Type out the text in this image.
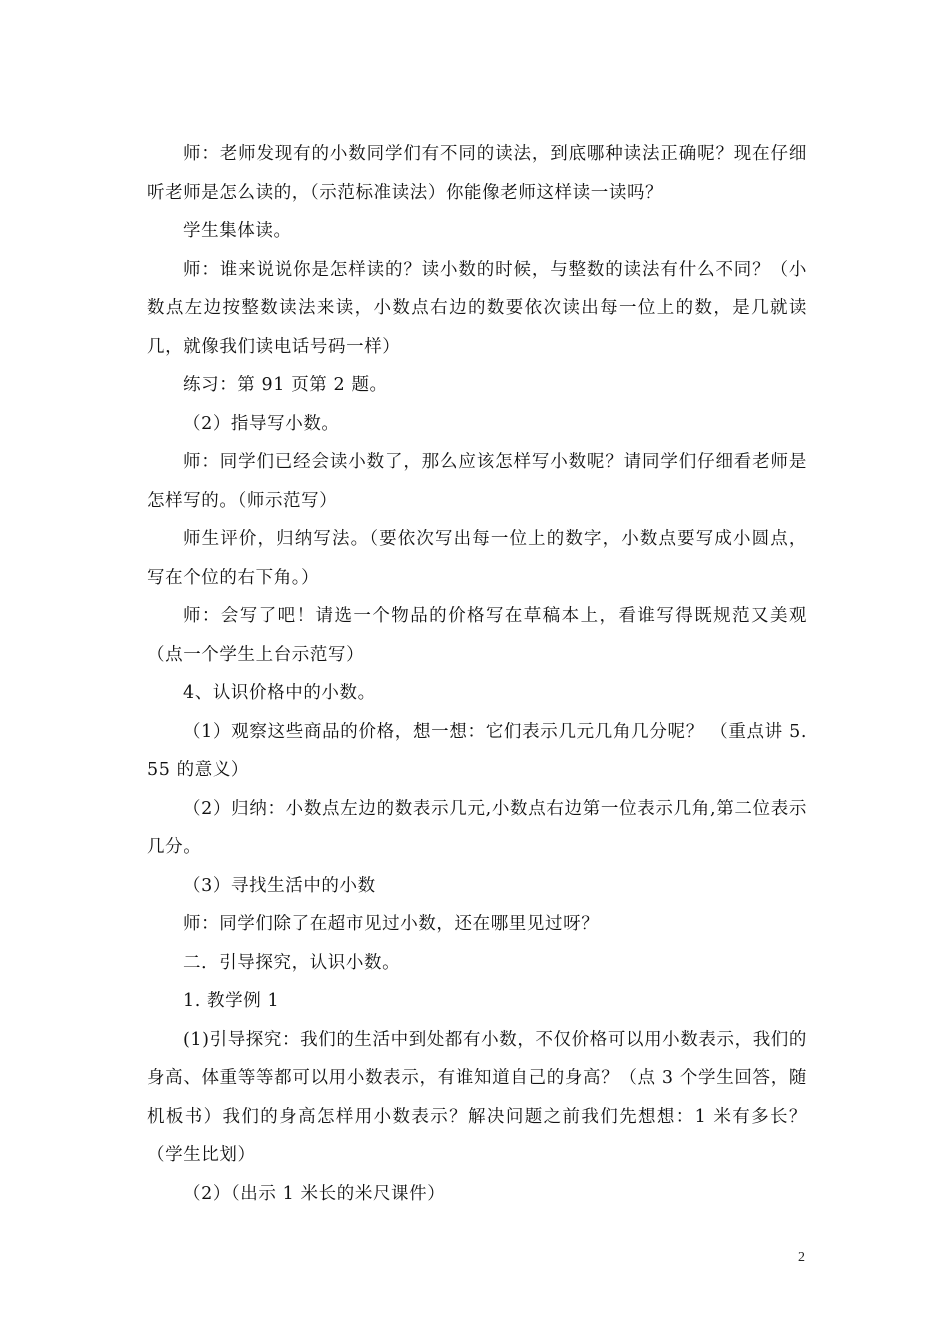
师：老师发现有的小数同学们有不同的读法，到底哪种读法正确呢？现在仔细听老师是怎么读的，（示范标准读法）你能像老师这样读一读吗？

学生集体读。

师：谁来说说你是怎样读的？读小数的时候，与整数的读法有什么不同？（小数点左边按整数读法来读，小数点右边的数要依次读出每一位上的数，是几就读几，就像我们读电话号码一样）

练习：第 91 页第 2 题。

（2）指导写小数。

师：同学们已经会读小数了，那么应该怎样写小数呢？请同学们仔细看老师是怎样写的。（师示范写）

师生评价，归纳写法。（要依次写出每一位上的数字，小数点要写成小圆点，写在个位的右下角。）

师：会写了吧！请选一个物品的价格写在草稿本上，看谁写得既规范又美观（点一个学生上台示范写）

4、认识价格中的小数。

（1）观察这些商品的价格，想一想：它们表示几元几角几分呢？ （重点讲 5.55 的意义）

（2）归纳：小数点左边的数表示几元,小数点右边第一位表示几角,第二位表示几分。

（3）寻找生活中的小数

师：同学们除了在超市见过小数，还在哪里见过呀？

二．引导探究，认识小数。

1. 教学例 1

(1)引导探究：我们的生活中到处都有小数，不仅价格可以用小数表示，我们的身高、体重等等都可以用小数表示，有谁知道自己的身高？（点 3 个学生回答，随机板书）我们的身高怎样用小数表示？解决问题之前我们先想想：1 米有多长？（学生比划）

（2）（出示 1 米长的米尺课件）

2
